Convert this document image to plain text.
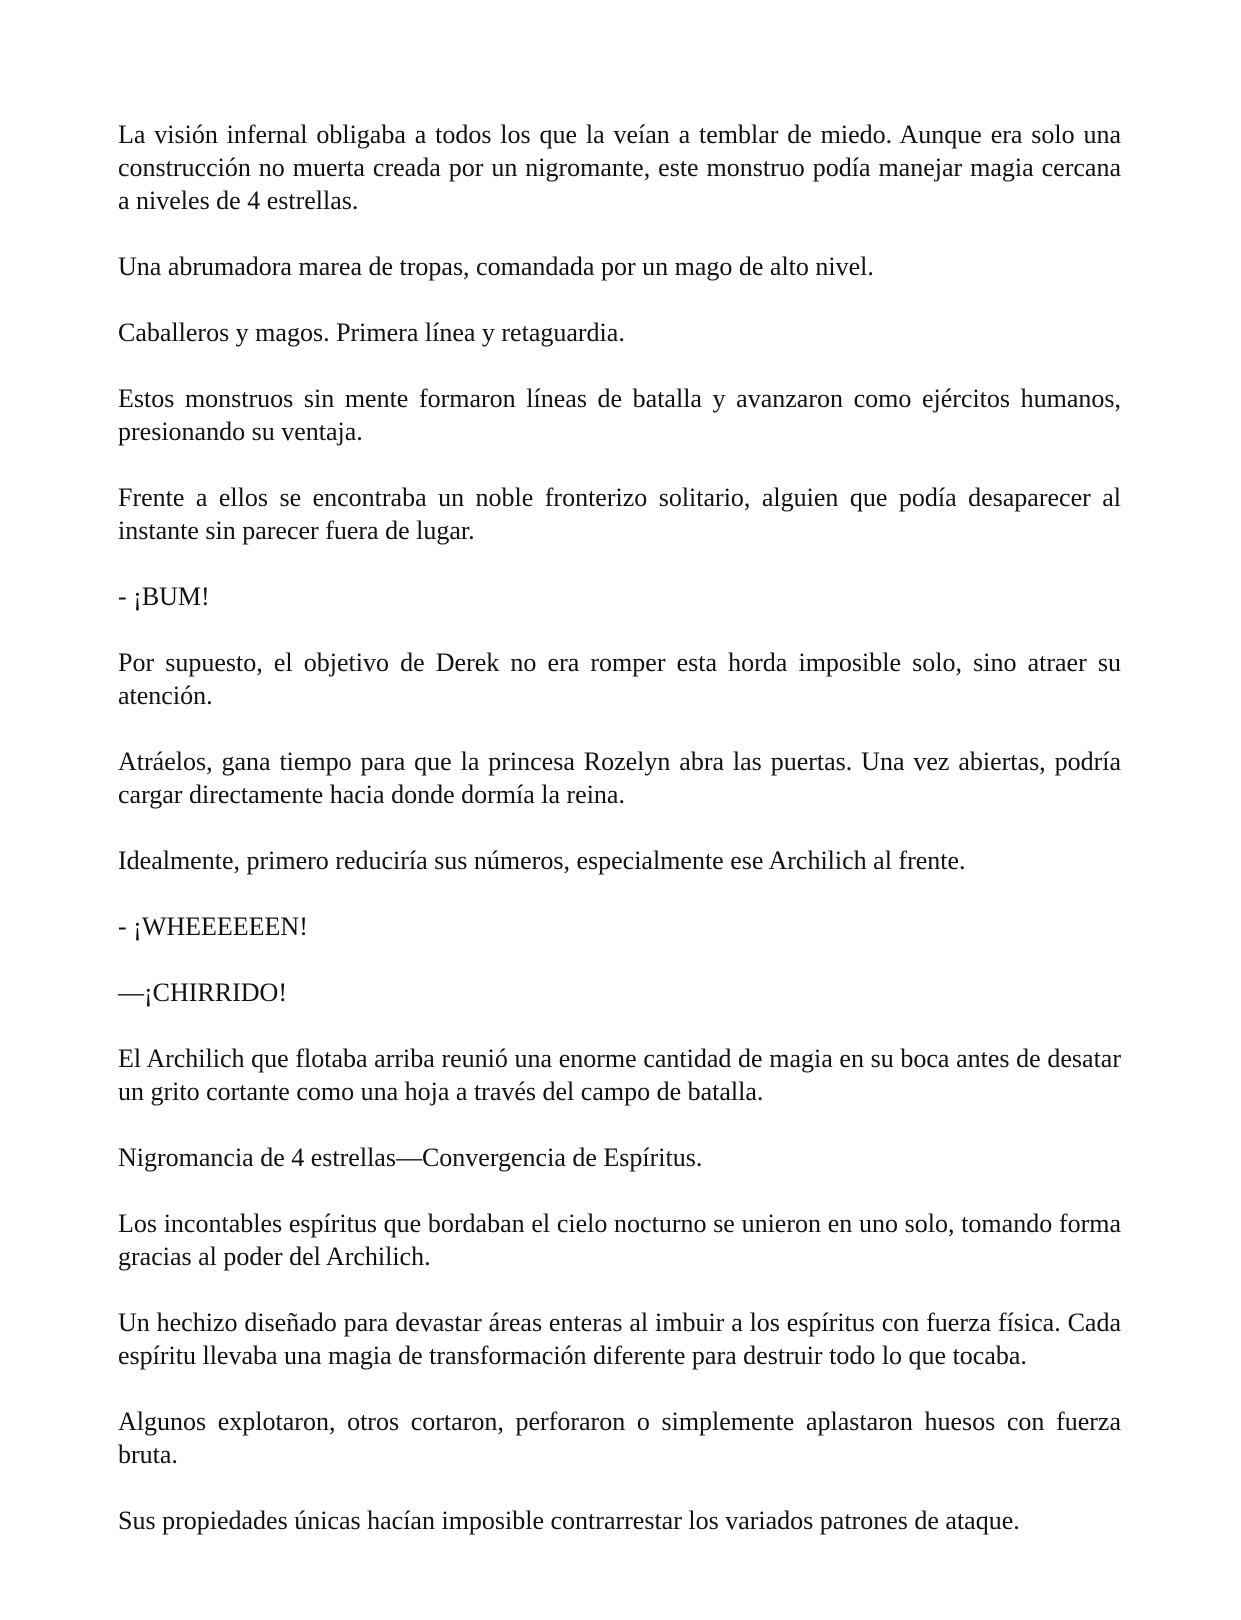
La visión infernal obligaba a todos los que la veían a temblar de miedo. Aunque era solo una construcción no muerta creada por un nigromante, este monstruo podía manejar magia cercana a niveles de 4 estrellas.

Una abrumadora marea de tropas, comandada por un mago de alto nivel.

Caballeros y magos. Primera línea y retaguardia.

Estos monstruos sin mente formaron líneas de batalla y avanzaron como ejércitos humanos, presionando su ventaja.

Frente a ellos se encontraba un noble fronterizo solitario, alguien que podía desaparecer al instante sin parecer fuera de lugar.

- ¡BUM!

Por supuesto, el objetivo de Derek no era romper esta horda imposible solo, sino atraer su atención.

Atráelos, gana tiempo para que la princesa Rozelyn abra las puertas. Una vez abiertas, podría cargar directamente hacia donde dormía la reina.

Idealmente, primero reduciría sus números, especialmente ese Archilich al frente.

- ¡WHEEEEEEN!

—¡CHIRRIDO!

El Archilich que flotaba arriba reunió una enorme cantidad de magia en su boca antes de desatar un grito cortante como una hoja a través del campo de batalla.

Nigromancia de 4 estrellas—Convergencia de Espíritus.

Los incontables espíritus que bordaban el cielo nocturno se unieron en uno solo, tomando forma gracias al poder del Archilich.

Un hechizo diseñado para devastar áreas enteras al imbuir a los espíritus con fuerza física. Cada espíritu llevaba una magia de transformación diferente para destruir todo lo que tocaba.

Algunos explotaron, otros cortaron, perforaron o simplemente aplastaron huesos con fuerza bruta.

Sus propiedades únicas hacían imposible contrarrestar los variados patrones de ataque.
